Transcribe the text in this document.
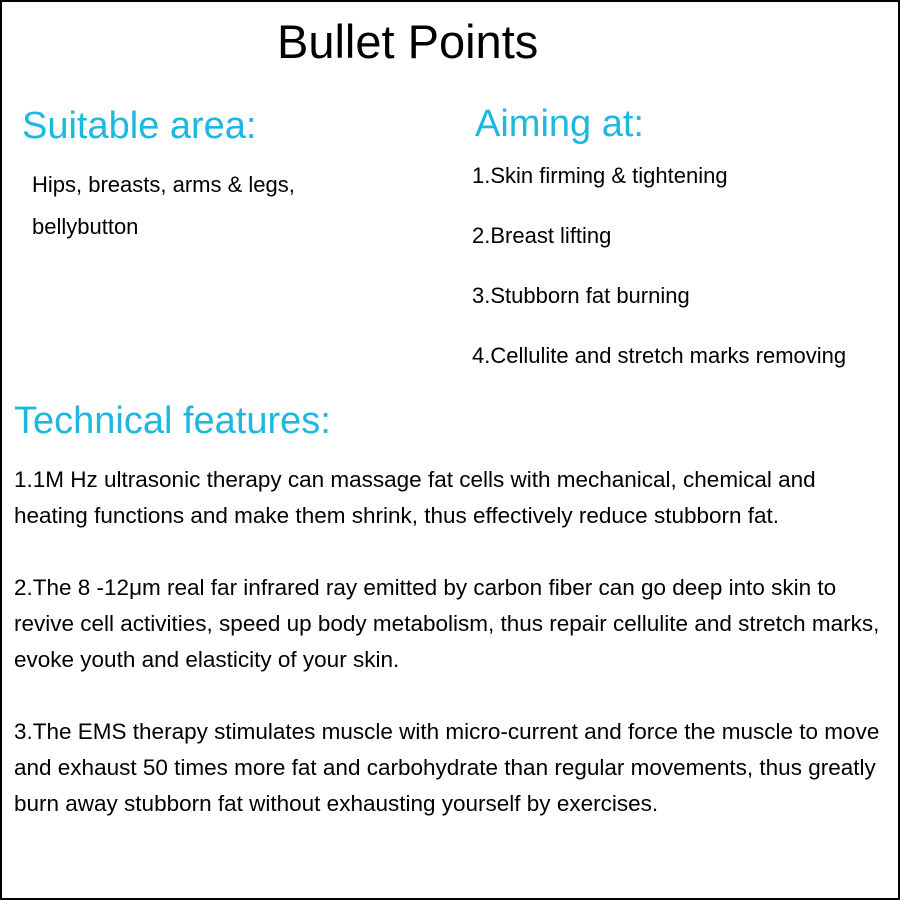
Bullet Points
Suitable area:
Hips, breasts, arms & legs,
bellybutton
Aiming at:
1.Skin firming & tightening
2.Breast lifting
3.Stubborn fat burning
4.Cellulite and stretch marks removing
Technical features:

1.1M Hz ultrasonic therapy can massage fat cells with mechanical, chemical and heating functions and make them shrink, thus effectively reduce stubborn fat.

2.The 8 -12μm real far infrared ray emitted by carbon fiber can go deep into skin to revive cell activities, speed up body metabolism, thus repair cellulite and stretch marks, evoke youth and elasticity of your skin.

3.The EMS therapy stimulates muscle with micro-current and force the muscle to move and exhaust 50 times more fat and carbohydrate than regular movements, thus greatly burn away stubborn fat without exhausting yourself by exercises.
